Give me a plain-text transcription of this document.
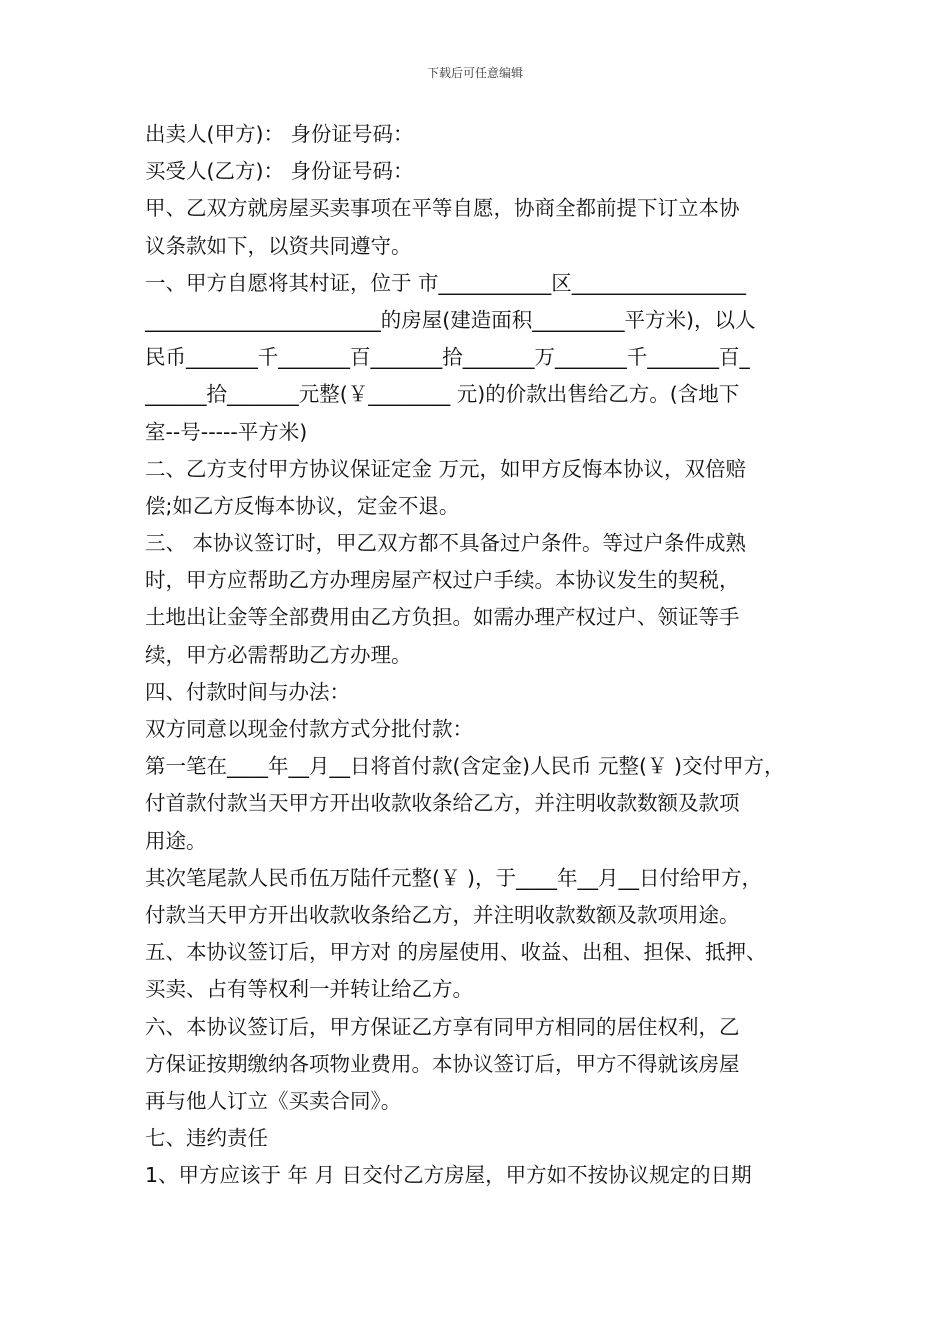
下载后可任意编辑
出卖人(甲方)： 身份证号码：
买受人(乙方)： 身份证号码：
甲、乙双方就房屋买卖事项在平等自愿，协商全都前提下订立本协
议条款如下，以资共同遵守。
一、甲方自愿将其村证，位于 市___________区_________________
_______________________的房屋(建造面积_________平方米)，以人
民币_______千_______百_______拾_______万_______千_______百_
______拾_______元整(￥________ 元)的价款出售给乙方。(含地下
室--号-----平方米)
二、乙方支付甲方协议保证定金 万元，如甲方反悔本协议，双倍赔
偿;如乙方反悔本协议，定金不退。
三、 本协议签订时，甲乙双方都不具备过户条件。等过户条件成熟
时，甲方应帮助乙方办理房屋产权过户手续。本协议发生的契税，
土地出让金等全部费用由乙方负担。如需办理产权过户、领证等手
续，甲方必需帮助乙方办理。
四、付款时间与办法：
双方同意以现金付款方式分批付款：
第一笔在____年__月__日将首付款(含定金)人民币 元整(￥ )交付甲方，
付首款付款当天甲方开出收款收条给乙方，并注明收款数额及款项
用途。
其次笔尾款人民币伍万陆仟元整(￥ )，于____年__月__日付给甲方，
付款当天甲方开出收款收条给乙方，并注明收款数额及款项用途。
五、本协议签订后，甲方对 的房屋使用、收益、出租、担保、抵押、
买卖、占有等权利一并转让给乙方。
六、本协议签订后，甲方保证乙方享有同甲方相同的居住权利，乙
方保证按期缴纳各项物业费用。本协议签订后，甲方不得就该房屋
再与他人订立《买卖合同》。
七、违约责任
1、甲方应该于 年 月 日交付乙方房屋，甲方如不按协议规定的日期
